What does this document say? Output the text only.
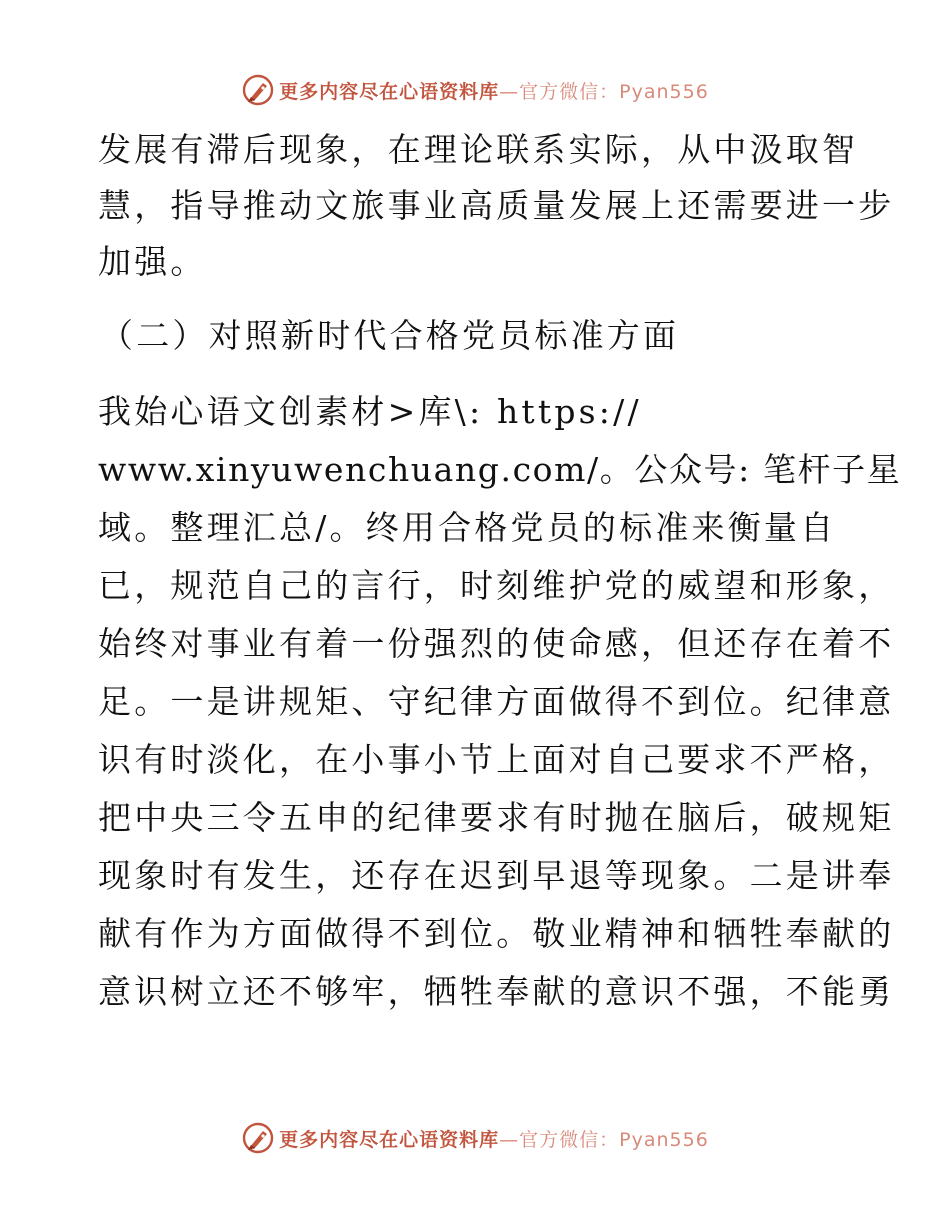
更多内容尽在心语资料库—官方微信：Pyan556
发展有滞后现象，在理论联系实际，从中汲取智
慧，指导推动文旅事业高质量发展上还需要进一步
加强。
（二）对照新时代合格党员标准方面
我始心语文创素材>库\: https://
www.xinyuwenchuang.com/。公众号: 笔杆子星
域。整理汇总/。终用合格党员的标准来衡量自
已，规范自己的言行，时刻维护党的威望和形象，
始终对事业有着一份强烈的使命感，但还存在着不
足。一是讲规矩、守纪律方面做得不到位。纪律意
识有时淡化，在小事小节上面对自己要求不严格，
把中央三令五申的纪律要求有时抛在脑后，破规矩
现象时有发生，还存在迟到早退等现象。二是讲奉
献有作为方面做得不到位。敬业精神和牺牲奉献的
意识树立还不够牢，牺牲奉献的意识不强，不能勇
更多内容尽在心语资料库—官方微信：Pyan556
